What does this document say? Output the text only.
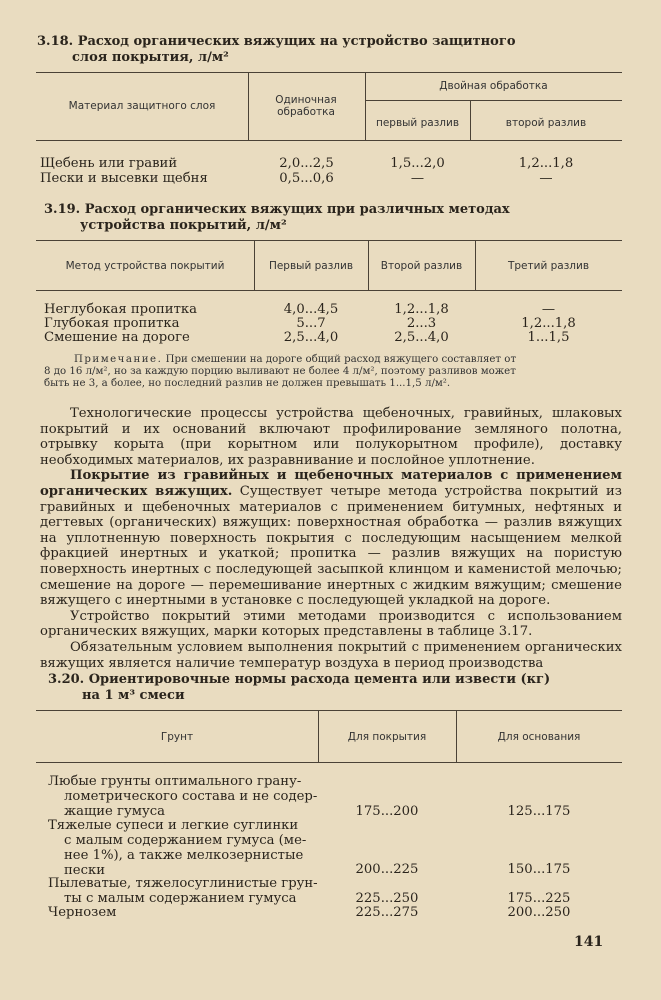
3.18. Расход органических вяжущих на устройство защитного
слоя покрытия, л/м²
Материал защитного слоя	Одиночная обработка
Двойная обработка
первый разлив	второй разлив
Щебень или гравий	2,0...2,5	1,5...2,0	1,2...1,8
Пески и высевки щебня	0,5...0,6	—	—
3.19. Расход органических вяжущих при различных методах
устройства покрытий, л/м²
Метод устройства покрытий	Первый разлив	Второй разлив	Третий разлив
Неглубокая пропитка	4,0...4,5	1,2...1,8	—
Глубокая пропитка	5...7	2...3	1,2...1,8
Смешение на дороге	2,5...4,0	2,5...4,0	1...1,5
Примечание. При смешении на дороге общий расход вяжущего составляет от
8 до 16 л/м², но за каждую порцию выливают не более 4 л/м², поэтому разливов может
быть не 3, а более, но последний разлив не должен превышать 1...1,5 л/м².

Технологические процессы устройства щебеночных, гравийных, шлаковых покрытий и их оснований включают профилирование земляного полотна, отрывку корыта (при корытном или полукорытном профиле), доставку необходимых материалов, их разравнивание и послойное уплотнение.

Покрытие из гравийных и щебеночных материалов с применением органических вяжущих. Существует четыре метода устройства покрытий из гравийных и щебеночных материалов с применением битумных, нефтяных и дегтевых (органических) вяжущих: поверхностная обработка — разлив вяжущих на уплотненную поверхность покрытия с последующим насыщением мелкой фракцией инертных и укаткой; пропитка — разлив вяжущих на пористую поверхность инертных с последующей засыпкой клинцом и каменистой мелочью; смешение на дороге — перемешивание инертных с жидким вяжущим; смешение вяжущего с инертными в установке с последующей укладкой на дороге.

Устройство покрытий этими методами производится с использованием органических вяжущих, марки которых представлены в таблице 3.17.

Обязательным условием выполнения покрытий с применением органических вяжущих является наличие температур воздуха в период производства

3.20. Ориентировочные нормы расхода цемента или извести (кг)
на 1 м³ смеси
Грунт	Для покрытия	Для основания
Любые грунты оптимального грану-
лометрического состава и не содер-
жащие гумуса	175...200	125...175
Тяжелые супеси и легкие суглинки
с малым содержанием гумуса (ме-
нее 1%), а также мелкозернистые
пески	200...225	150...175
Пылеватые, тяжелосуглинистые грун-
ты с малым содержанием гумуса	225...250	175...225
Чернозем	225...275	200...250
141
